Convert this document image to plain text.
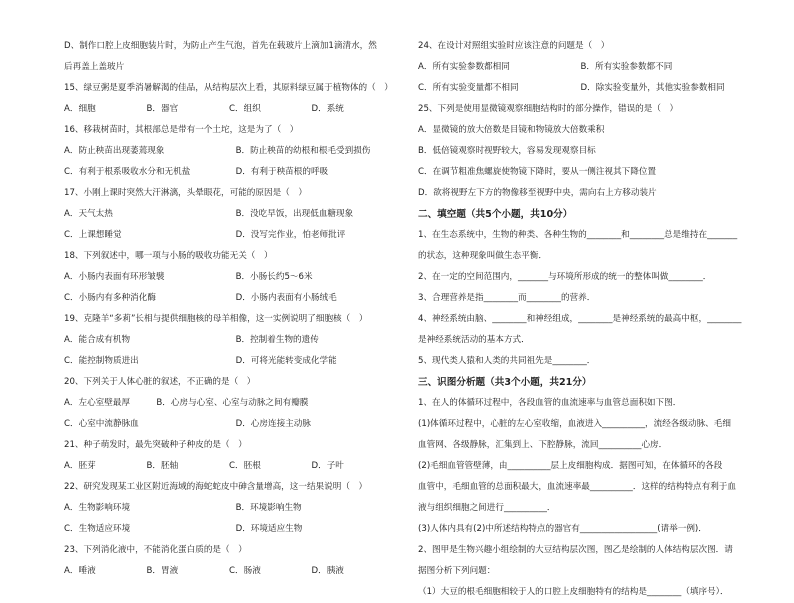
D、制作口腔上皮细胞装片时，为防止产生气泡，首先在载玻片上滴加1滴清水，然
后再盖上盖玻片
15、绿豆粥是夏季消暑解渴的佳品，从结构层次上看，其原料绿豆属于植物体的（　）
A．细胞	B．器官	C．组织	D．系统
16、移栽树苗时，其根部总是带有一个土坨，这是为了（　）
A．防止秧苗出现萎蔫现象	B．防止秧苗的幼根和根毛受到损伤
C．有利于根系吸收水分和无机盐	D．有利于秧苗根的呼吸
17、小刚上课时突然大汗淋漓，头晕眼花，可能的原因是（　）
A．天气太热	B．没吃早饭，出现低血糖现象
C．上课想睡觉	D．没写完作业，怕老师批评
18、下列叙述中，哪一项与小肠的吸收功能无关（　）
A．小肠内表面有环形皱襞	B．小肠长约5～6米
C．小肠内有多种消化酶	D．小肠内表面有小肠绒毛
19、克隆羊“多莉”长相与提供细胞核的母羊相像，这一实例说明了细胞核（　）
A．能合成有机物	B．控制着生物的遗传
C．能控制物质进出	D．可将光能转变成化学能
20、下列关于人体心脏的叙述，不正确的是（　）
A．左心室壁最厚	B．心房与心室、心室与动脉之间有瓣膜
C．心室中流静脉血	D．心房连接主动脉
21、种子萌发时，最先突破种子种皮的是（　）
A．胚芽	B．胚轴	C．胚根	D．子叶
22、研究发现某工业区附近海域的海蛇蛇皮中砷含量增高，这一结果说明（　）
A．生物影响环境	B．环境影响生物
C．生物适应环境	D．环境适应生物
23、下列消化液中，不能消化蛋白质的是（　）
A．唾液	B．胃液	C．肠液	D．胰液
24、在设计对照组实验时应该注意的问题是（　）
A．所有实验参数都相同	B．所有实验参数都不同
C．所有实验变量都不相同	D．除实验变量外，其他实验参数相同
25、下列是使用显微镜观察细胞结构时的部分操作，错误的是（　）
A．显微镜的放大倍数是目镜和物镜放大倍数乘积
B．低倍镜观察时视野较大，容易发现观察目标
C．在调节粗准焦螺旋使物镜下降时，要从一侧注视其下降位置
D．欲将视野左下方的物像移至视野中央，需向右上方移动装片
二、填空题（共5个小题，共10分）
1、在生态系统中，生物的种类、各种生物的________和________总是维持在_______
的状态，这种现象叫做生态平衡．
2、在一定的空间范围内，_______与环境所形成的统一的整体叫做________．
3、合理营养是指________而________的营养．
4、神经系统由脑、________和神经组成，________是神经系统的最高中枢，________
是神经系统活动的基本方式．
5、现代类人猿和人类的共同祖先是________．
三、识图分析题（共3个小题，共21分）
1、在人的体循环过程中，各段血管的血流速率与血管总面积如下图．
(1)体循环过程中，心脏的左心室收缩，血液进入__________，流经各级动脉、毛细
血管网、各级静脉，汇集到上、下腔静脉，流回__________心房．
(2)毛细血管管壁薄，由__________层上皮细胞构成．据图可知，在体循环的各段
血管中，毛细血管的总面积最大，血流速率最__________．这样的结构特点有利于血
液与组织细胞之间进行__________．
(3)人体内具有(2)中所述结构特点的器官有__________________(请举一例)．
2、图甲是生物兴趣小组绘制的大豆结构层次图，图乙是绘制的人体结构层次图．请
据图分析下列问题：
（1）大豆的根毛细胞相较于人的口腔上皮细胞特有的结构是________（填序号）．
